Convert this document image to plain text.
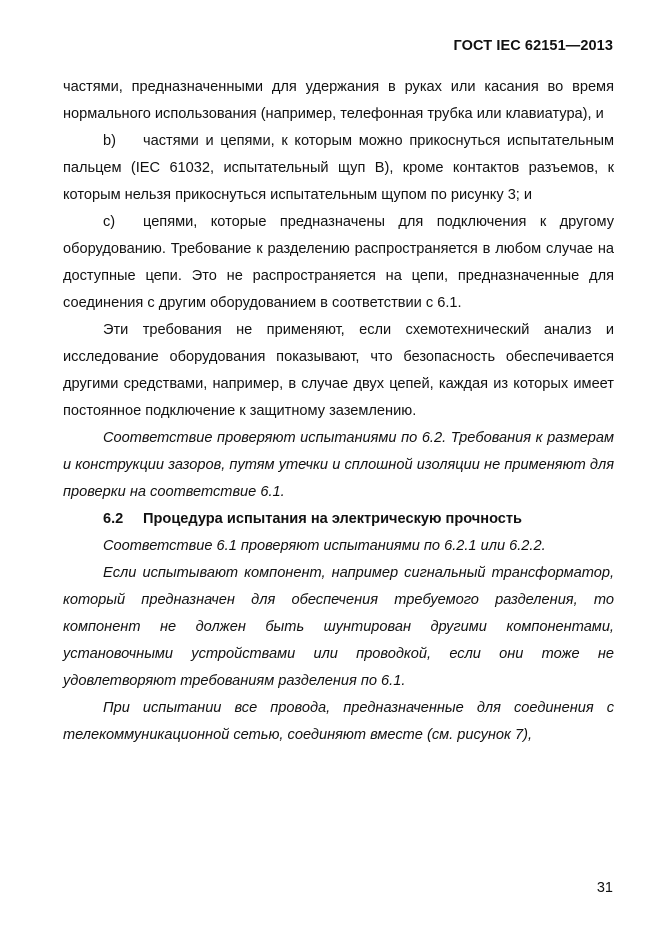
ГОСТ IEC 62151—2013

частями, предназначенными для удержания в руках или касания во время нормального использования (например, телефонная трубка или клавиатура), и

b) частями и цепями, к которым можно прикоснуться испытательным пальцем (IEC 61032, испытательный щуп B), кроме контактов разъемов, к которым нельзя прикоснуться испытательным щупом по рисунку 3; и

c) цепями, которые предназначены для подключения к другому оборудованию. Требование к разделению распространяется в любом случае на доступные цепи. Это не распространяется на цепи, предназначенные для соединения с другим оборудованием в соответствии с 6.1.

Эти требования не применяют, если схемотехнический анализ и исследование оборудования показывают, что безопасность обеспечивается другими средствами, например, в случае двух цепей, каждая из которых имеет постоянное подключение к защитному заземлению.

Соответствие проверяют испытаниями по 6.2. Требования к размерам и конструкции зазоров, путям утечки и сплошной изоляции не применяют для проверки на соответствие 6.1.

6.2 Процедура испытания на электрическую прочность

Соответствие 6.1 проверяют испытаниями по 6.2.1 или 6.2.2.

Если испытывают компонент, например сигнальный трансформатор, который предназначен для обеспечения требуемого разделения, то компонент не должен быть шунтирован другими компонентами, установочными устройствами или проводкой, если они тоже не удовлетворяют требованиям разделения по 6.1.

При испытании все провода, предназначенные для соединения с телекоммуникационной сетью, соединяют вместе (см. рисунок 7),

31
